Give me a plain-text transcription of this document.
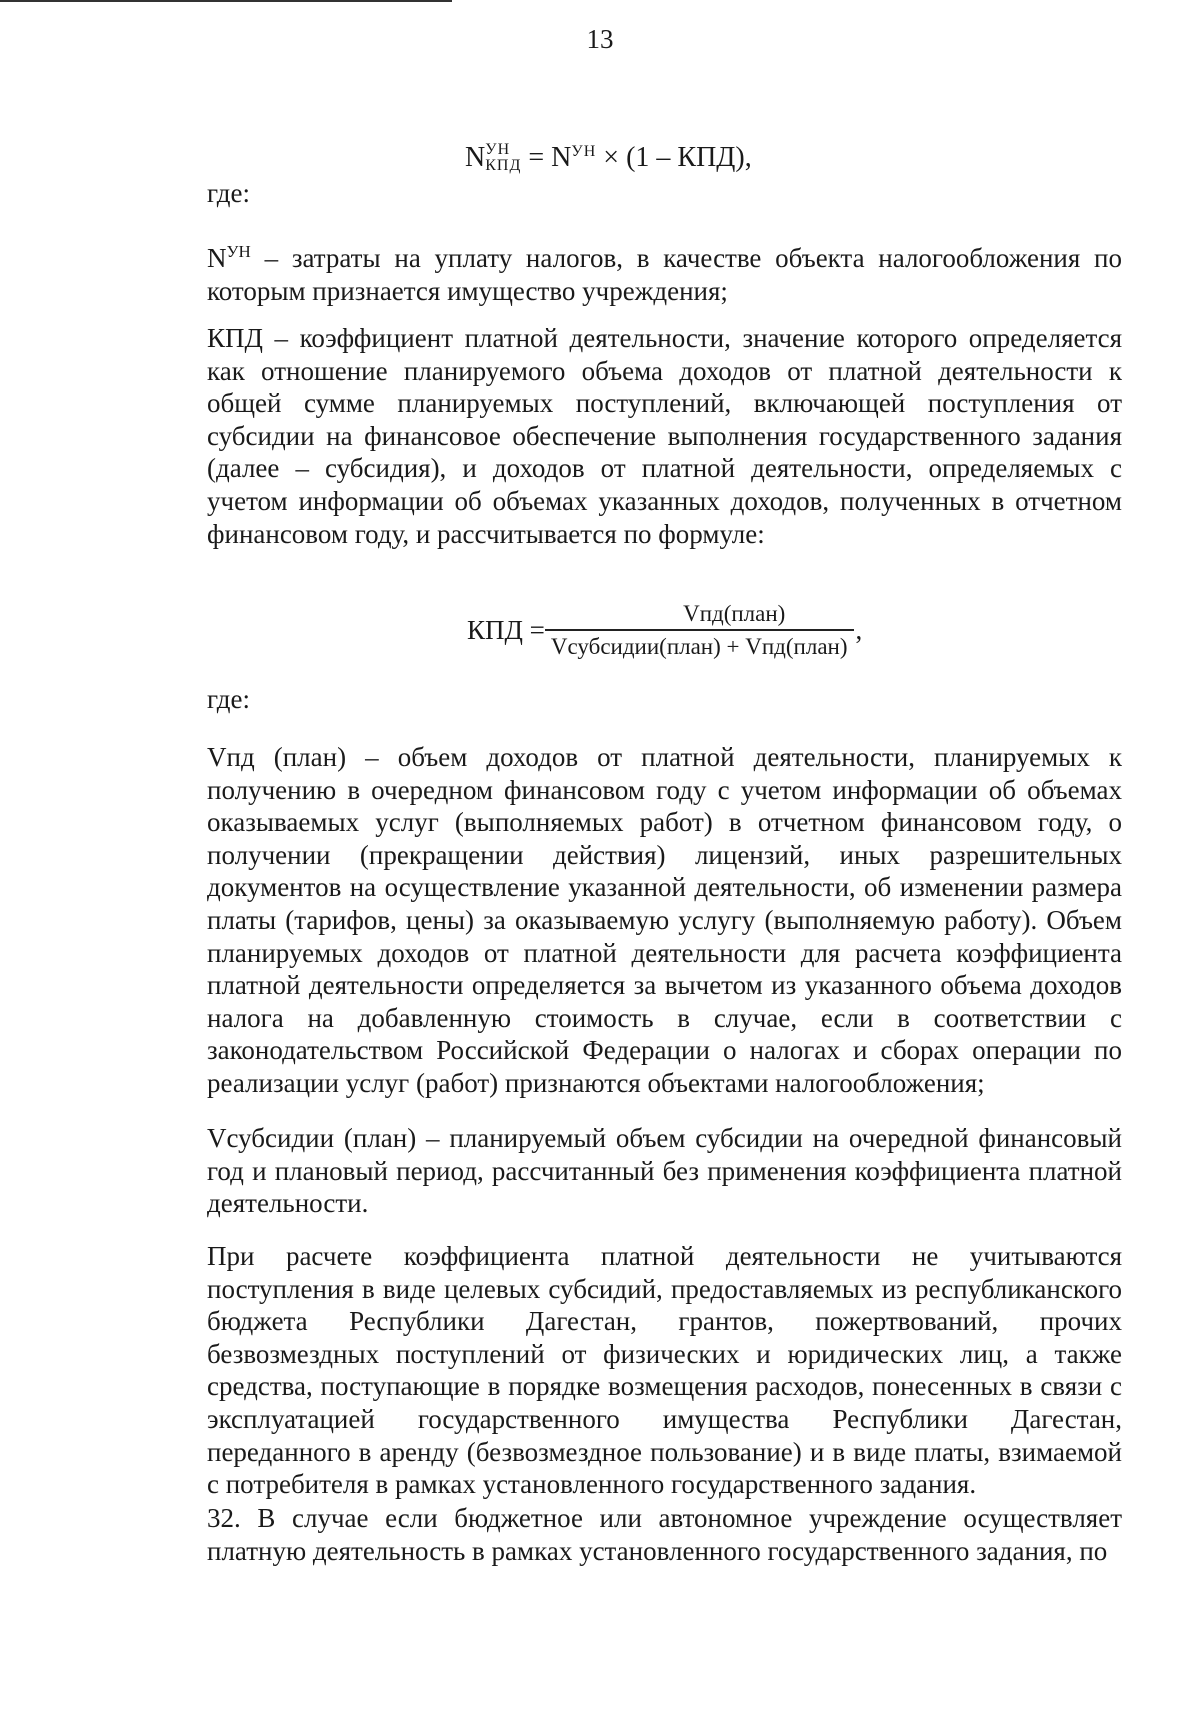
13
N УН
КПД = $N^{УН} \times (1 - КПД)$,
где:

$N^{УН}$ – затраты на уплату налогов, в качестве объекта налогообложения по которым признается имущество учреждения;

КПД – коэффициент платной деятельности, значение которого определяется как отношение планируемого объема доходов от платной деятельности к общей сумме планируемых поступлений, включающей поступления от субсидии на финансовое обеспечение выполнения государственного задания (далее – субсидия), и доходов от платной деятельности, определяемых с учетом информации об объемах указанных доходов, полученных в отчетном финансовом году, и рассчитывается по формуле:

КПД = $\frac{\text{Vпд(план)}}{\text{Vсубсидии(план) + Vпд(план)}}$ ,
где:

Vпд (план) – объем доходов от платной деятельности, планируемых к получению в очередном финансовом году с учетом информации об объемах оказываемых услуг (выполняемых работ) в отчетном финансовом году, о получении (прекращении действия) лицензий, иных разрешительных документов на осуществление указанной деятельности, об изменении размера платы (тарифов, цены) за оказываемую услугу (выполняемую работу). Объем планируемых доходов от платной деятельности для расчета коэффициента платной деятельности определяется за вычетом из указанного объема доходов налога на добавленную стоимость в случае, если в соответствии с законодательством Российской Федерации о налогах и сборах операции по реализации услуг (работ) признаются объектами налогообложения;

Vсубсидии (план) – планируемый объем субсидии на очередной финансовый год и плановый период, рассчитанный без применения коэффициента платной деятельности.

При расчете коэффициента платной деятельности не учитываются поступления в виде целевых субсидий, предоставляемых из республиканского бюджета Республики Дагестан, грантов, пожертвований, прочих безвозмездных поступлений от физических и юридических лиц, а также средства, поступающие в порядке возмещения расходов, понесенных в связи с эксплуатацией государственного имущества Республики Дагестан, переданного в аренду (безвозмездное пользование) и в виде платы, взимаемой с потребителя в рамках установленного государственного задания.

32. В случае если бюджетное или автономное учреждение осуществляет платную деятельность в рамках установленного государственного задания, по
